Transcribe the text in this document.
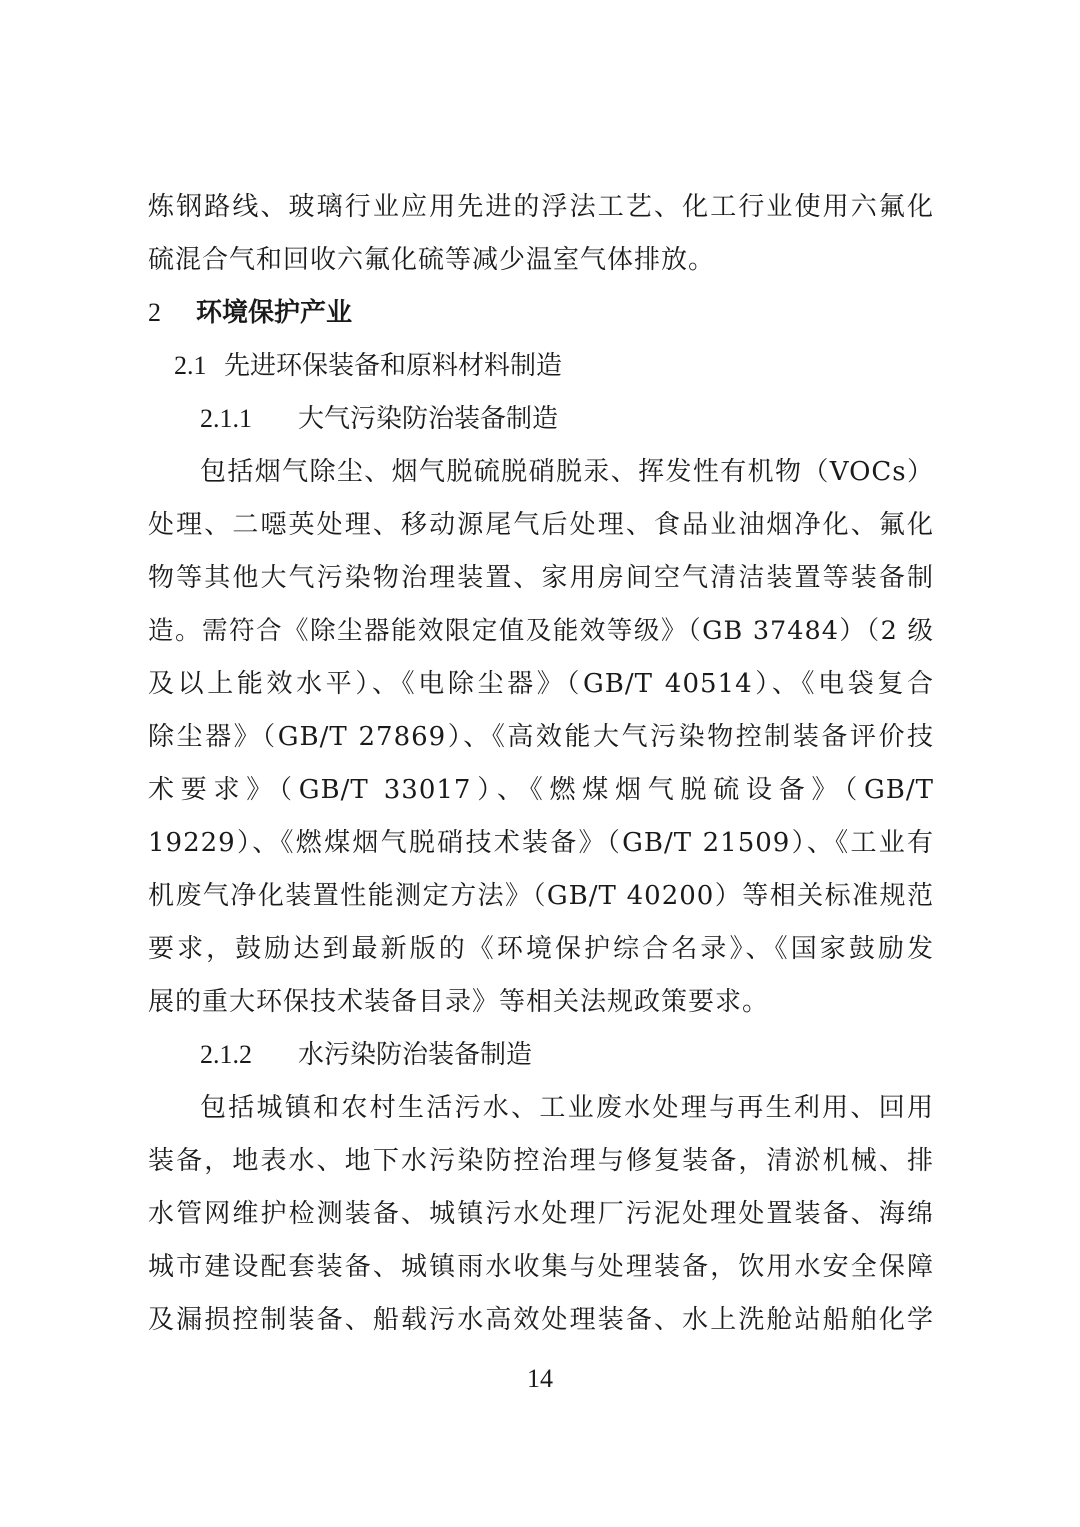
炼钢路线、玻璃行业应用先进的浮法工艺、化工行业使用六氟化
硫混合气和回收六氟化硫等减少温室气体排放。
2 环境保护产业
2.1 先进环保装备和原料材料制造
2.1.1 大气污染防治装备制造
包括烟气除尘、烟气脱硫脱硝脱汞、挥发性有机物（VOCs）
处理、二噁英处理、移动源尾气后处理、食品业油烟净化、氟化
物等其他大气污染物治理装置、家用房间空气清洁装置等装备制
造。需符合《除尘器能效限定值及能效等级》（GB 37484）（2 级
及以上能效水平）、《电除尘器》（GB/T 40514）、《电袋复合
除尘器》（GB/T 27869）、《高效能大气污染物控制装备评价技
术要求》（GB/T 33017）、《燃煤烟气脱硫设备》（GB/T
19229）、《燃煤烟气脱硝技术装备》（GB/T 21509）、《工业有
机废气净化装置性能测定方法》（GB/T 40200）等相关标准规范
要求，鼓励达到最新版的《环境保护综合名录》、《国家鼓励发
展的重大环保技术装备目录》等相关法规政策要求。
2.1.2 水污染防治装备制造
包括城镇和农村生活污水、工业废水处理与再生利用、回用
装备，地表水、地下水污染防控治理与修复装备，清淤机械、排
水管网维护检测装备、城镇污水处理厂污泥处理处置装备、海绵
城市建设配套装备、城镇雨水收集与处理装备，饮用水安全保障
及漏损控制装备、船载污水高效处理装备、水上洗舱站船舶化学
14
